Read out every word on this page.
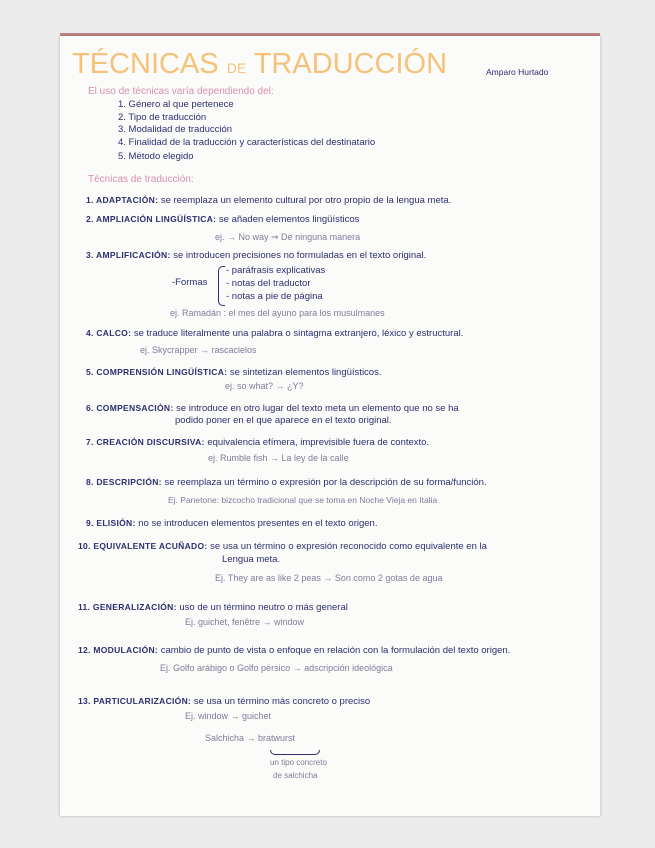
TÉCNICAS DE TRADUCCIÓN	Amparo Hurtado
El uso de técnicas varía dependiendo del:
1. Género al que pertenece
2. Tipo de traducción
3. Modalidad de traducción
4. Finalidad de la traducción y características del destinatario
5. Método elegido
Técnicas de traducción:
1. ADAPTACIÓN: se reemplaza un elemento cultural por otro propio de la lengua meta.
2. AMPLIACIÓN LINGÜÍSTICA: se añaden elementos lingüísticos
ej. → No way ⇒ De ninguna manera
3. AMPLIFICACIÓN: se introducen precisiones no formuladas en el texto original.
-Formas
- paráfrasis explicativas
- notas del traductor
- notas a pie de página
ej. Ramadán : el mes del ayuno para los musulmanes
4. CALCO: se traduce literalmente una palabra o sintagma extranjero, léxico y estructural.
ej. Skycrapper → rascacielos
5. COMPRENSIÓN LINGÜÍSTICA: se sintetizan elementos lingüísticos.
ej. so what? → ¿Y?
6. COMPENSACIÓN: se introduce en otro lugar del texto meta un elemento que no se ha
podido poner en el que aparece en el texto original.
7. CREACIÓN DISCURSIVA: equivalencia efímera, imprevisible fuera de contexto.
ej. Rumble fish → La ley de la calle
8. DESCRIPCIÓN: se reemplaza un término o expresión por la descripción de su forma/función.
Ej. Panetone: bizcocho tradicional que se toma en Noche Vieja en Italia
9. ELISIÓN: no se introducen elementos presentes en el texto origen.
10. EQUIVALENTE ACUÑADO: se usa un término o expresión reconocido como equivalente en la
Lengua meta.
Ej. They are as like 2 peas → Son como 2 gotas de agua
11. GENERALIZACIÓN: uso de un término neutro o más general
Ej. guichet, fenêtre → window
12. MODULACIÓN: cambio de punto de vista o enfoque en relación con la formulación del texto origen.
Ej. Golfo arábigo o Golfo pérsico → adscripción ideológica
13. PARTICULARIZACIÓN: se usa un término más concreto o preciso
Ej. window → guichet
Salchicha → bratwurst
un tipo concreto
de salchicha
